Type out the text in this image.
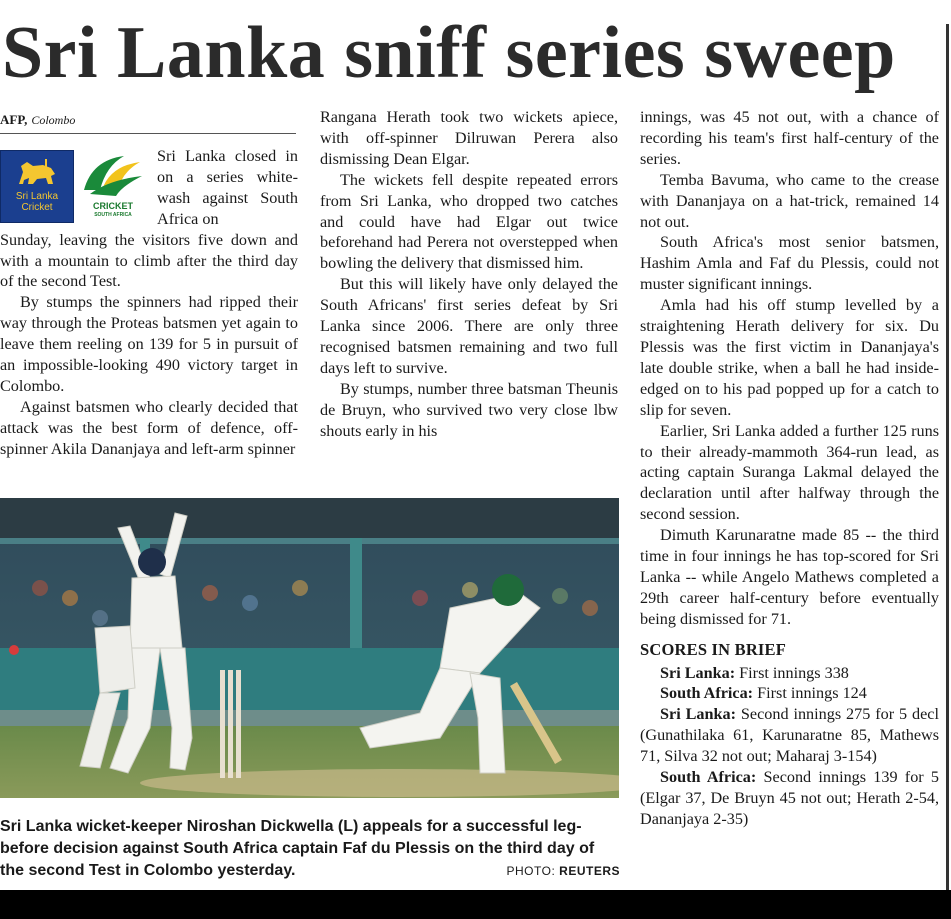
Sri Lanka sniff series sweep
AFP, Colombo
Sri Lanka
Cricket	CRICKET
SOUTH AFRICA

Sri Lanka closed in on a series white-wash against South Africa on

Sunday, leaving the visitors five down and with a mountain to climb after the third day of the second Test.

By stumps the spinners had ripped their way through the Proteas batsmen yet again to leave them reeling on 139 for 5 in pursuit of an impossible-looking 490 victory target in Colombo.

Against batsmen who clearly decided that attack was the best form of defence, off-spinner Akila Dananjaya and left-arm spinner

Rangana Herath took two wickets apiece, with off-spinner Dilruwan Perera also dismissing Dean Elgar.

The wickets fell despite repeated errors from Sri Lanka, who dropped two catches and could have had Elgar out twice beforehand had Perera not overstepped when bowling the delivery that dismissed him.

But this will likely have only delayed the South Africans' first series defeat by Sri Lanka since 2006. There are only three recognised batsmen remaining and two full days left to survive.

By stumps, number three batsman Theunis de Bruyn, who survived two very close lbw shouts early in his

innings, was 45 not out, with a chance of recording his team's first half-century of the series.

Temba Bavuma, who came to the crease with Dananjaya on a hat-trick, remained 14 not out.

South Africa's most senior batsmen, Hashim Amla and Faf du Plessis, could not muster significant innings.

Amla had his off stump levelled by a straightening Herath delivery for six. Du Plessis was the first victim in Dananjaya's late double strike, when a ball he had inside-edged on to his pad popped up for a catch to slip for seven.

Earlier, Sri Lanka added a further 125 runs to their already-mammoth 364-run lead, as acting captain Suranga Lakmal delayed the declaration until after halfway through the second session.

Dimuth Karunaratne made 85 -- the third time in four innings he has top-scored for Sri Lanka -- while Angelo Mathews completed a 29th career half-century before eventually being dismissed for 71.

SCORES IN BRIEF

Sri Lanka: First innings 338

South Africa: First innings 124

Sri Lanka: Second innings 275 for 5 decl (Gunathilaka 61, Karunaratne 85, Mathews 71, Silva 32 not out; Maharaj 3-154)

South Africa: Second innings 139 for 5 (Elgar 37, De Bruyn 45 not out; Herath 2-54, Dananjaya 2-35)

Sri Lanka wicket-keeper Niroshan Dickwella (L) appeals for a successful leg-before decision against South Africa captain Faf du Plessis on the third day of the second Test in Colombo yesterday.	PHOTO: REUTERS
